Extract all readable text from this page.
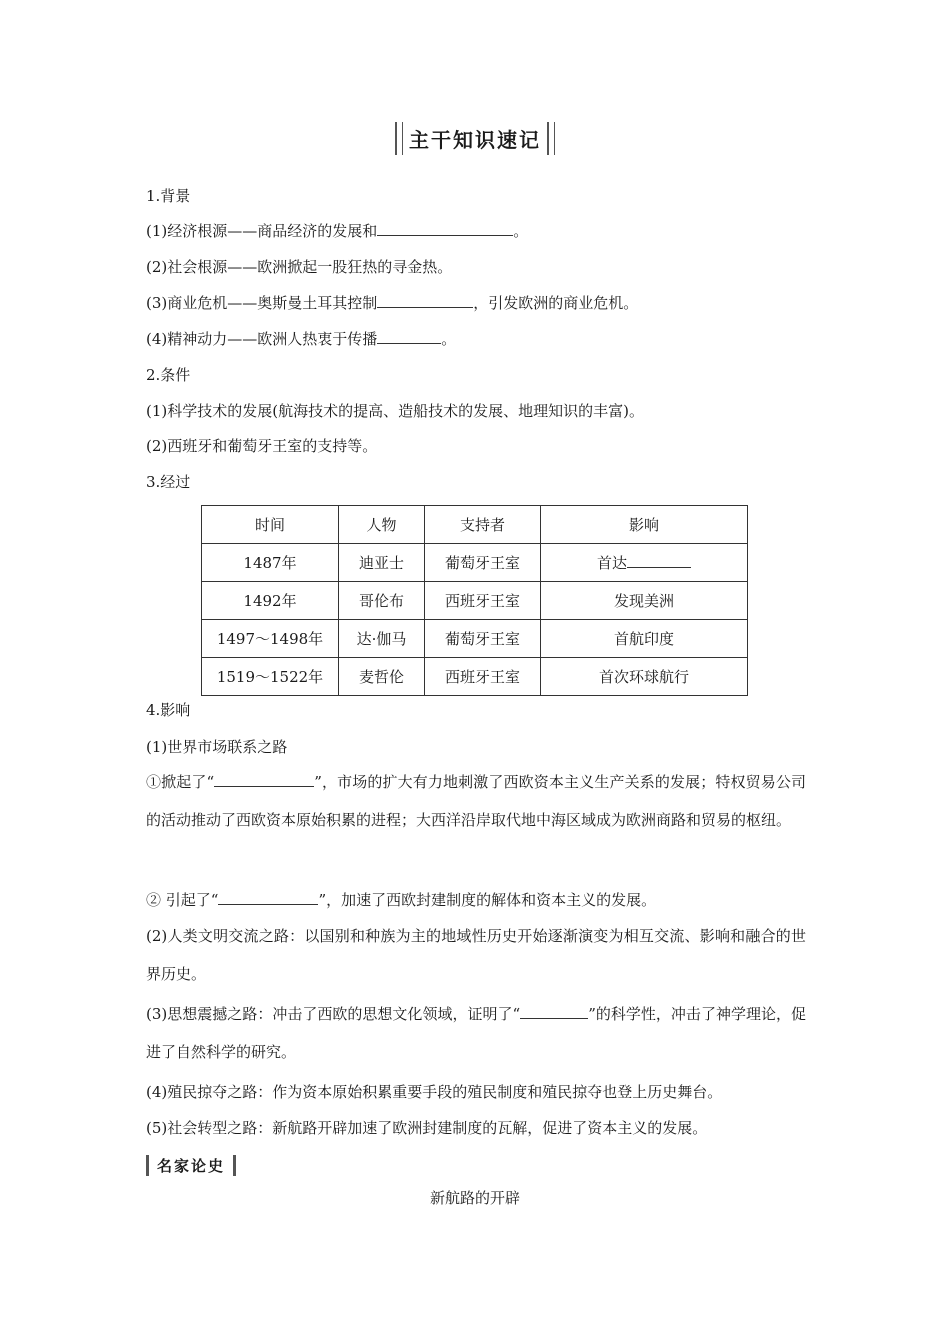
主干知识速记
1.背景
(1)经济根源——商品经济的发展和	。
(2)社会根源——欧洲掀起一股狂热的寻金热。
(3)商业危机——奥斯曼土耳其控制	，引发欧洲的商业危机。
(4)精神动力——欧洲人热衷于传播	。
2.条件
(1)科学技术的发展(航海技术的提高、造船技术的发展、地理知识的丰富)。
(2)西班牙和葡萄牙王室的支持等。
3.经过
时间	人物	支持者	影响
1487年	迪亚士	葡萄牙王室	首达
1492年	哥伦布	西班牙王室	发现美洲
1497～1498年	达·伽马	葡萄牙王室	首航印度
1519～1522年	麦哲伦	西班牙王室	首次环球航行
4.影响
(1)世界市场联系之路
①掀起了“	”，市场的扩大有力地刺激了西欧资本主义生产关系的发展；特权贸易公司的活动推动了西欧资本原始积累的进程；大西洋沿岸取代地中海区域成为欧洲商路和贸易的枢纽。
② 引起了“	”，加速了西欧封建制度的解体和资本主义的发展。
(2)人类文明交流之路：以国别和种族为主的地域性历史开始逐渐演变为相互交流、影响和融合的世界历史。
(3)思想震撼之路：冲击了西欧的思想文化领域，证明了“	”的科学性，冲击了神学理论，促进了自然科学的研究。
(4)殖民掠夺之路：作为资本原始积累重要手段的殖民制度和殖民掠夺也登上历史舞台。
(5)社会转型之路：新航路开辟加速了欧洲封建制度的瓦解，促进了资本主义的发展。
名家论史
新航路的开辟
